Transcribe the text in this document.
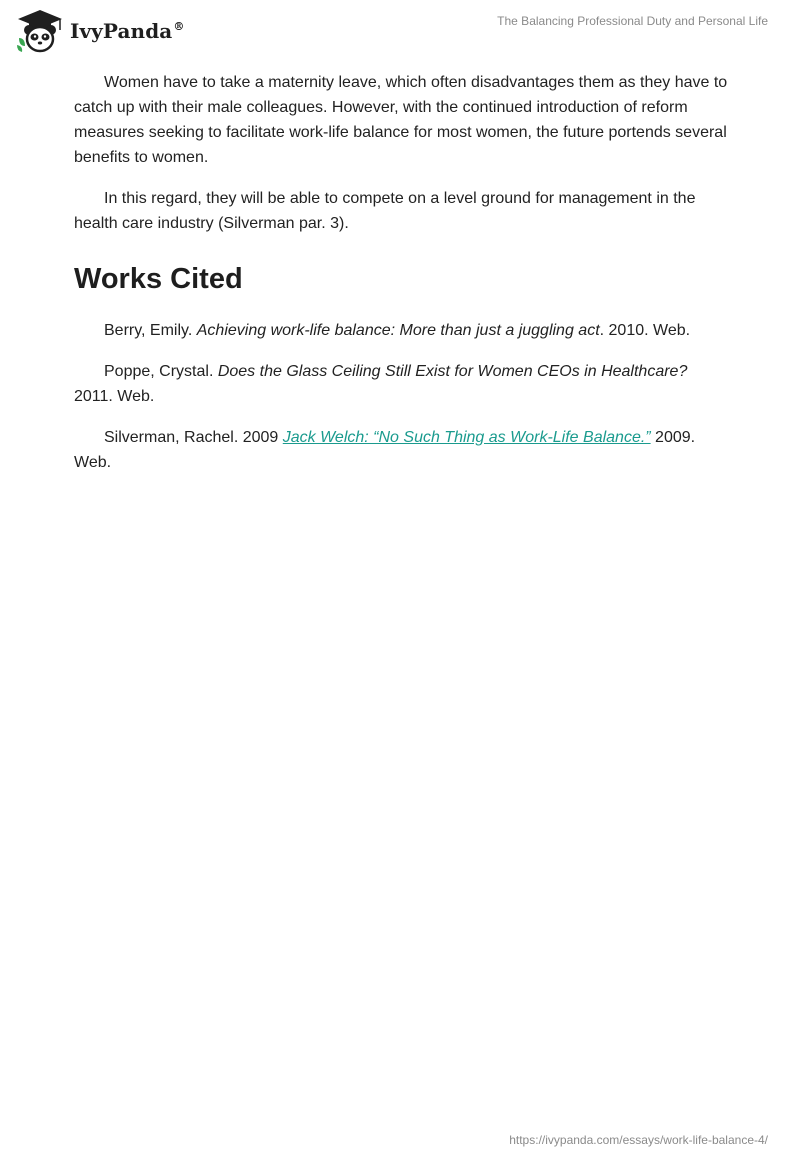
IvyPanda®	The Balancing Professional Duty and Personal Life

Women have to take a maternity leave, which often disadvantages them as they have to catch up with their male colleagues. However, with the continued introduction of reform measures seeking to facilitate work-life balance for most women, the future portends several benefits to women.

In this regard, they will be able to compete on a level ground for management in the health care industry (Silverman par. 3).

Works Cited

Berry, Emily. Achieving work-life balance: More than just a juggling act. 2010. Web.

Poppe, Crystal. Does the Glass Ceiling Still Exist for Women CEOs in Healthcare? 2011. Web.

Silverman, Rachel. 2009 Jack Welch: “No Such Thing as Work-Life Balance.” 2009. Web.

https://ivypanda.com/essays/work-life-balance-4/
